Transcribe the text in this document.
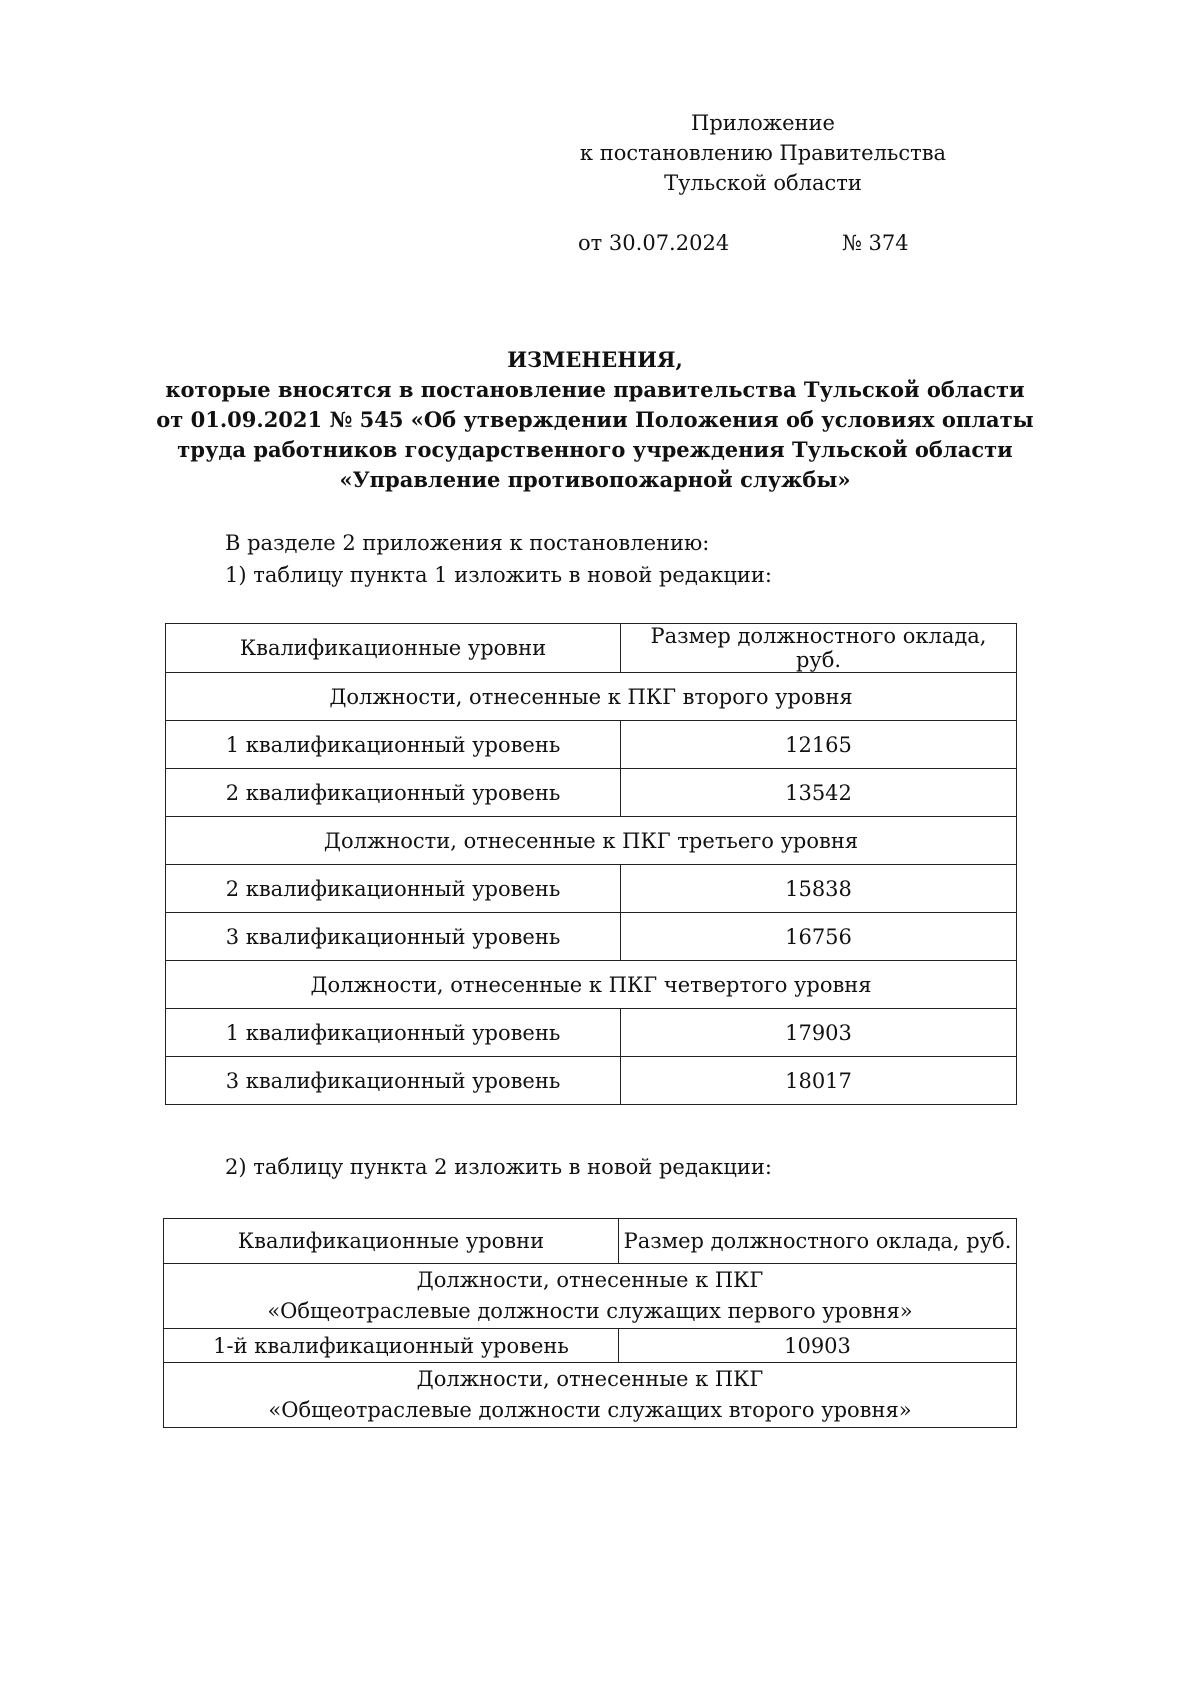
Приложение
к постановлению Правительства
Тульской области
от 30.07.2024	№ 374
ИЗМЕНЕНИЯ,
которые вносятся в постановление правительства Тульской области
от 01.09.2021 № 545 «Об утверждении Положения об условиях оплаты
труда работников государственного учреждения Тульской области
«Управление противопожарной службы»
В разделе 2 приложения к постановлению:
1) таблицу пункта 1 изложить в новой редакции:
Квалификационные уровни	Размер должностного оклада, руб.
Должности, отнесенные к ПКГ второго уровня	
1 квалификационный уровень	12165
2 квалификационный уровень	13542
Должности, отнесенные к ПКГ третьего уровня	
2 квалификационный уровень	15838
3 квалификационный уровень	16756
Должности, отнесенные к ПКГ четвертого уровня	
1 квалификационный уровень	17903
3 квалификационный уровень	18017
2) таблицу пункта 2 изложить в новой редакции:
Квалификационные уровни	Размер должностного оклада, руб.

Должности, отнесенные к ПКГ
«Общеотраслевые должности служащих первого уровня»	

1-й квалификационный уровень	10903

Должности, отнесенные к ПКГ
«Общеотраслевые должности служащих второго уровня»	
